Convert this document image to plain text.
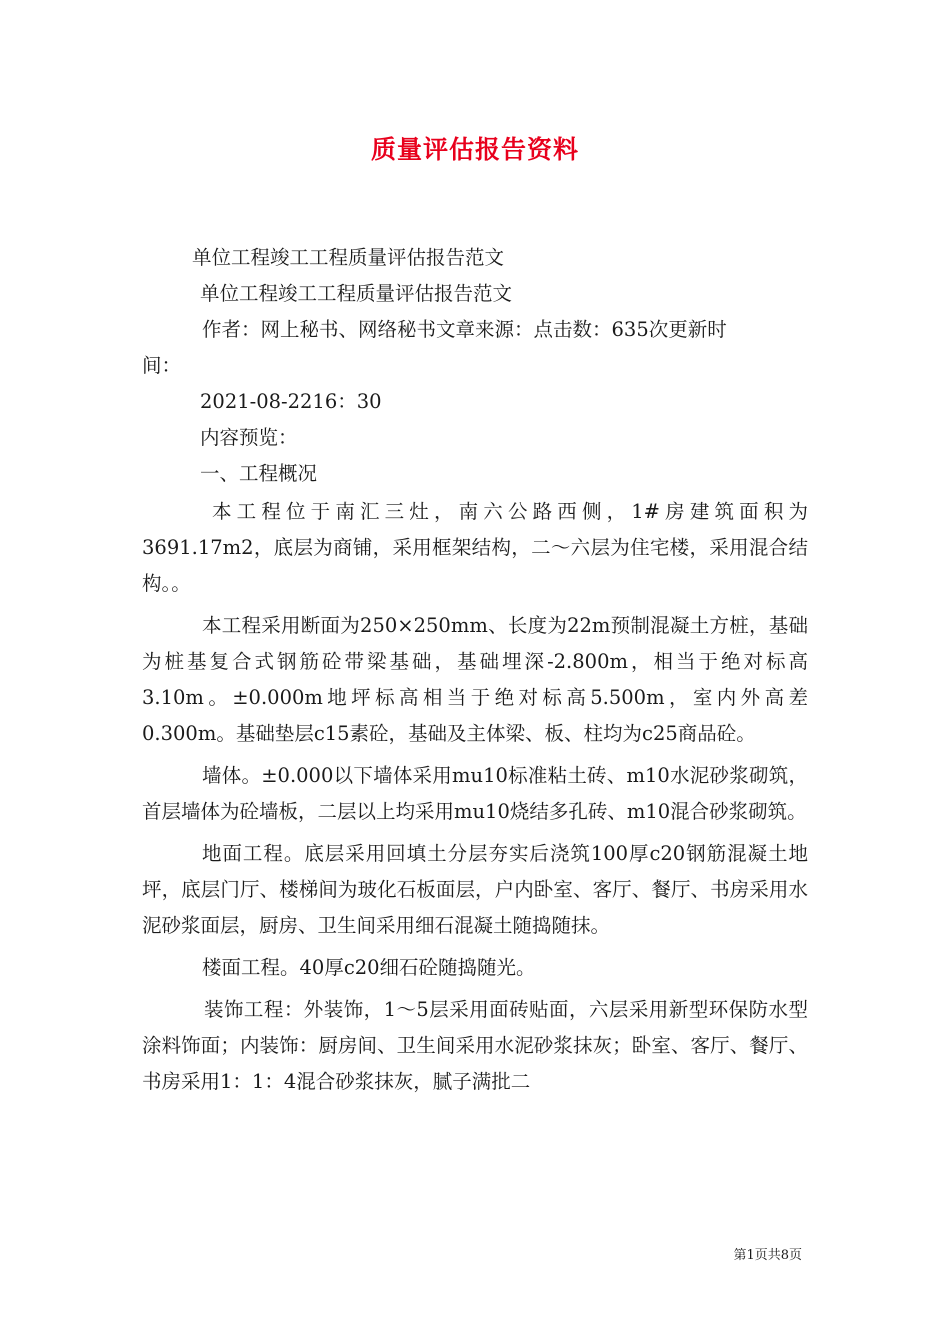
质量评估报告资料
单位工程竣工工程质量评估报告范文
单位工程竣工工程质量评估报告范文
作者：网上秘书、网络秘书文章来源：点击数：635次更新时
间：
2021-08-2216：30
内容预览：
一、工程概况
本工程位于南汇三灶，南六公路西侧，1#房建筑面积为3691.17m2，底层为商铺，采用框架结构，二～六层为住宅楼，采用混合结构。。
本工程采用断面为250×250mm、长度为22m预制混凝土方桩，基础为桩基复合式钢筋砼带梁基础，基础埋深-2.800m，相当于绝对标高3.10m。±0.000m地坪标高相当于绝对标高5.500m，室内外高差0.300m。基础垫层c15素砼，基础及主体梁、板、柱均为c25商品砼。
墙体。±0.000以下墙体采用mu10标准粘土砖、m10水泥砂浆砌筑，首层墙体为砼墙板，二层以上均采用mu10烧结多孔砖、m10混合砂浆砌筑。
地面工程。底层采用回填土分层夯实后浇筑100厚c20钢筋混凝土地坪，底层门厅、楼梯间为玻化石板面层，户内卧室、客厅、餐厅、书房采用水泥砂浆面层，厨房、卫生间采用细石混凝土随捣随抹。
楼面工程。40厚c20细石砼随捣随光。
装饰工程：外装饰，1～5层采用面砖贴面，六层采用新型环保防水型涂料饰面；内装饰：厨房间、卫生间采用水泥砂浆抹灰；卧室、客厅、餐厅、书房采用1：1：4混合砂浆抹灰，腻子满批二
第1页共8页
